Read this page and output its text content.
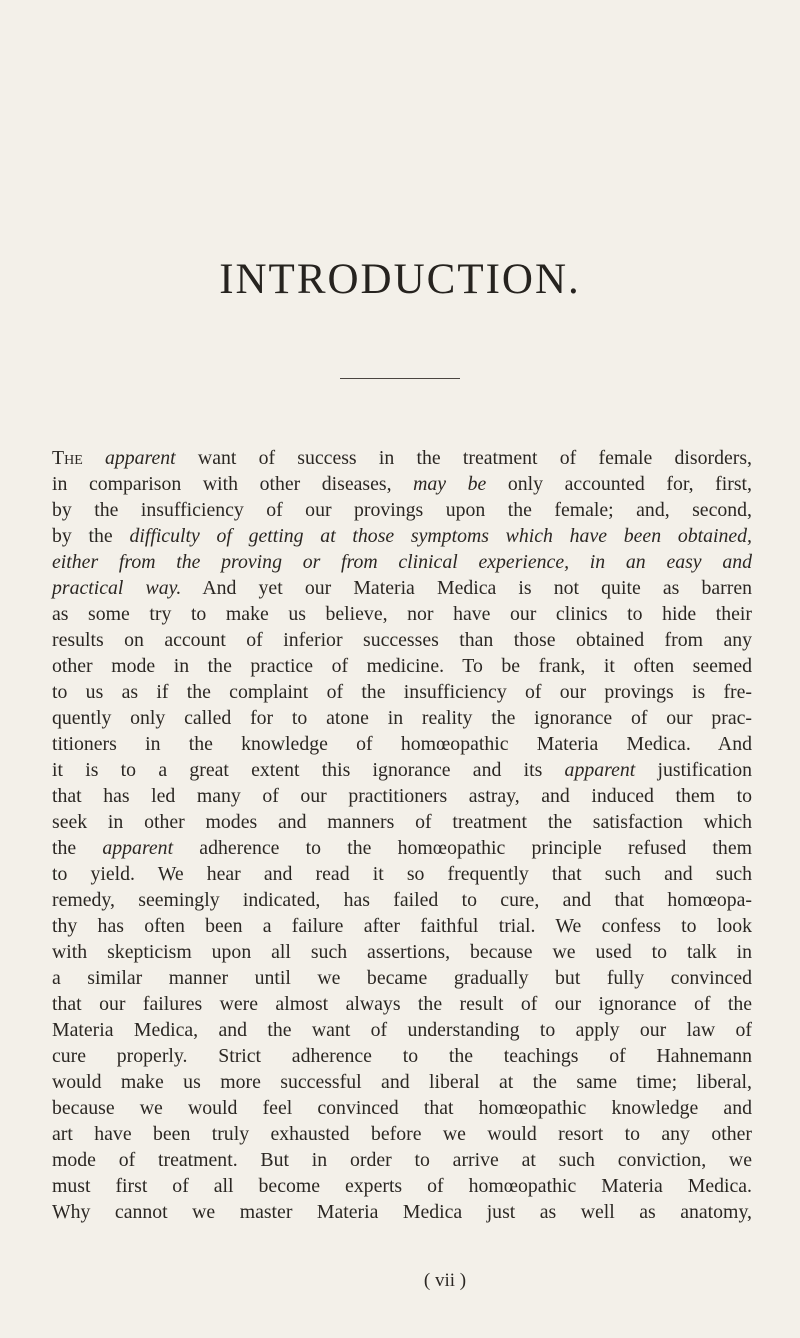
INTRODUCTION.
The apparent want of success in the treatment of female disorders,
in comparison with other diseases, may be only accounted for, first,
by the insufficiency of our provings upon the female; and, second,
by the difficulty of getting at those symptoms which have been obtained,
either from the proving or from clinical experience, in an easy and
practical way. And yet our Materia Medica is not quite as barren
as some try to make us believe, nor have our clinics to hide their
results on account of inferior successes than those obtained from any
other mode in the practice of medicine. To be frank, it often seemed
to us as if the complaint of the insufficiency of our provings is fre-
quently only called for to atone in reality the ignorance of our prac-
titioners in the knowledge of homœopathic Materia Medica. And
it is to a great extent this ignorance and its apparent justification
that has led many of our practitioners astray, and induced them to
seek in other modes and manners of treatment the satisfaction which
the apparent adherence to the homœopathic principle refused them
to yield. We hear and read it so frequently that such and such
remedy, seemingly indicated, has failed to cure, and that homœopa-
thy has often been a failure after faithful trial. We confess to look
with skepticism upon all such assertions, because we used to talk in
a similar manner until we became gradually but fully convinced
that our failures were almost always the result of our ignorance of the
Materia Medica, and the want of understanding to apply our law of
cure properly. Strict adherence to the teachings of Hahnemann
would make us more successful and liberal at the same time; liberal,
because we would feel convinced that homœopathic knowledge and
art have been truly exhausted before we would resort to any other
mode of treatment. But in order to arrive at such conviction, we
must first of all become experts of homœopathic Materia Medica.
Why cannot we master Materia Medica just as well as anatomy,
( vii )
